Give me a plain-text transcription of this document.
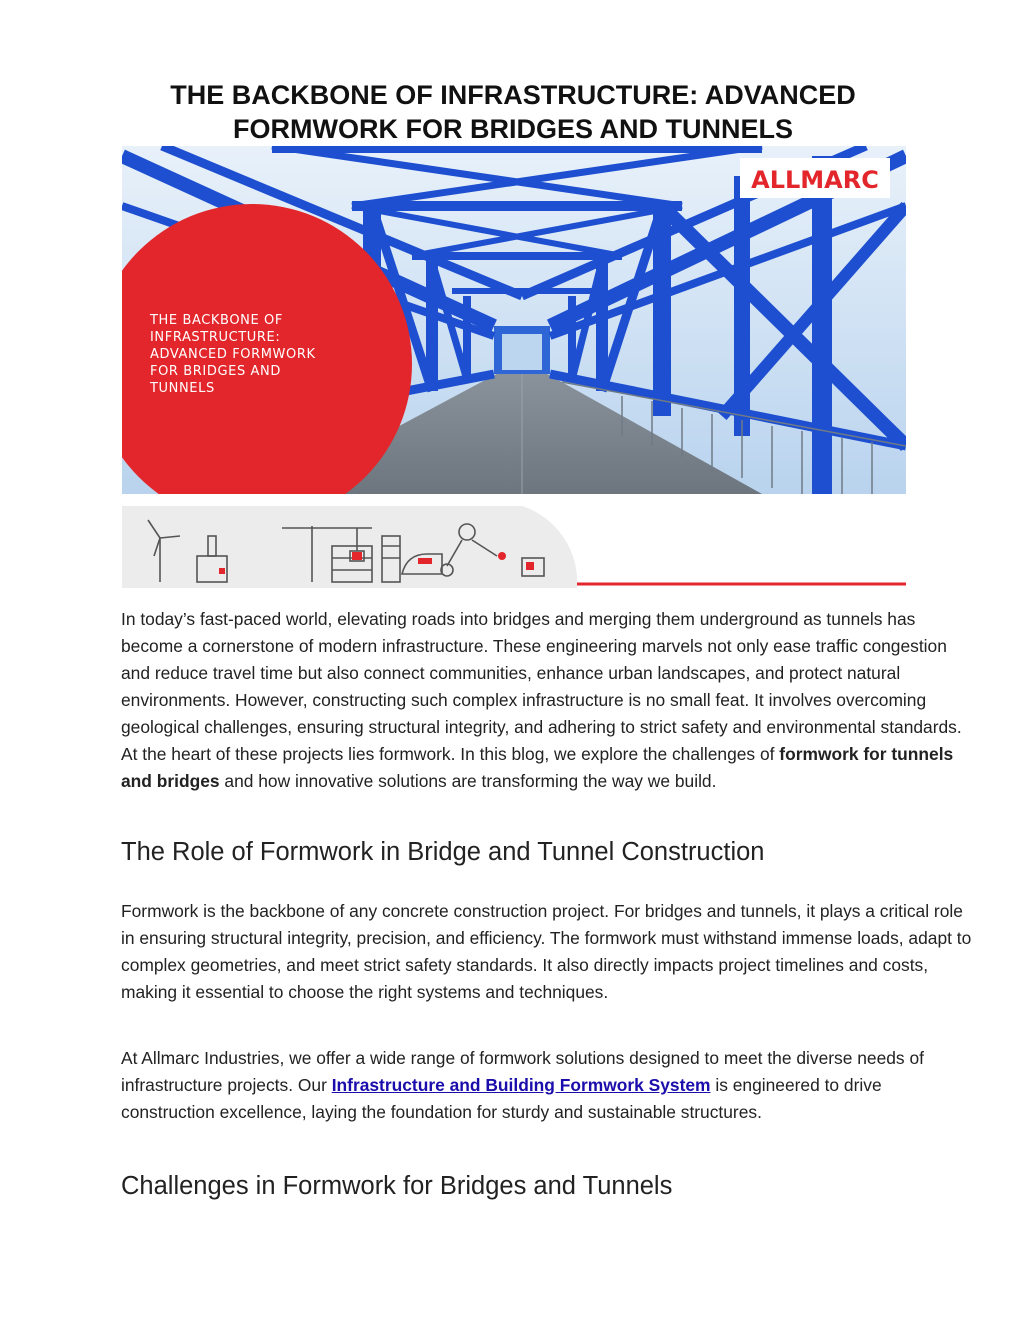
THE BACKBONE OF INFRASTRUCTURE: ADVANCED
FORMWORK FOR BRIDGES AND TUNNELS
ALLMARC
THE BACKBONE OF
INFRASTRUCTURE:
ADVANCED FORMWORK
FOR BRIDGES AND
TUNNELS

In today’s fast-paced world, elevating roads into bridges and merging them underground as tunnels has become a cornerstone of modern infrastructure. These engineering marvels not only ease traffic congestion and reduce travel time but also connect communities, enhance urban landscapes, and protect natural environments. However, constructing such complex infrastructure is no small feat. It involves overcoming geological challenges, ensuring structural integrity, and adhering to strict safety and environmental standards. At the heart of these projects lies formwork. In this blog, we explore the challenges of formwork for tunnels and bridges and how innovative solutions are transforming the way we build.

The Role of Formwork in Bridge and Tunnel Construction

Formwork is the backbone of any concrete construction project. For bridges and tunnels, it plays a critical role in ensuring structural integrity, precision, and efficiency. The formwork must withstand immense loads, adapt to complex geometries, and meet strict safety standards. It also directly impacts project timelines and costs, making it essential to choose the right systems and techniques.

At Allmarc Industries, we offer a wide range of formwork solutions designed to meet the diverse needs of infrastructure projects. Our Infrastructure and Building Formwork System is engineered to drive construction excellence, laying the foundation for sturdy and sustainable structures.

Challenges in Formwork for Bridges and Tunnels
